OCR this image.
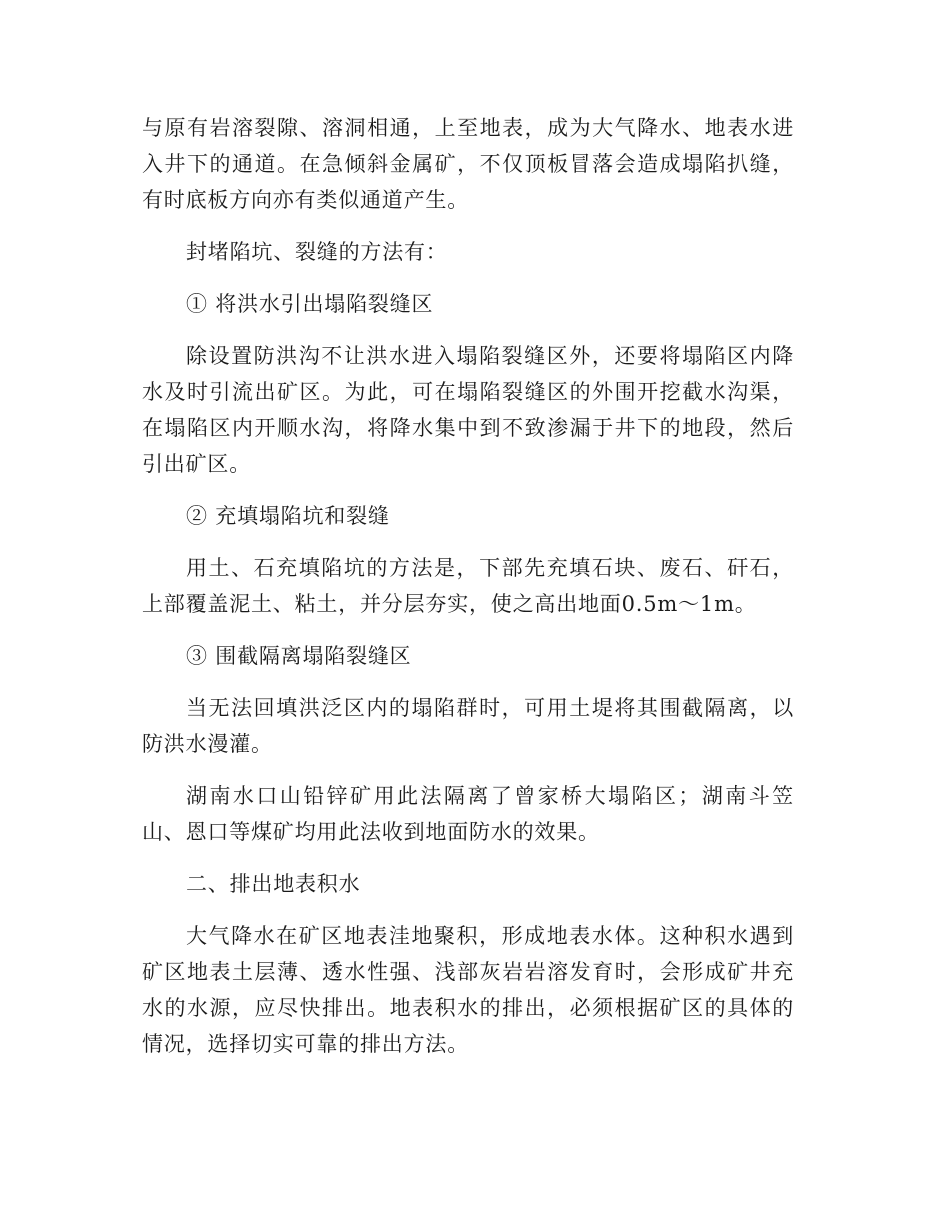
与原有岩溶裂隙、溶洞相通，上至地表，成为大气降水、地表水进入井下的通道。在急倾斜金属矿，不仅顶板冒落会造成塌陷扒缝，有时底板方向亦有类似通道产生。

封堵陷坑、裂缝的方法有：

① 将洪水引出塌陷裂缝区

除设置防洪沟不让洪水进入塌陷裂缝区外，还要将塌陷区内降水及时引流出矿区。为此，可在塌陷裂缝区的外围开挖截水沟渠，在塌陷区内开顺水沟，将降水集中到不致渗漏于井下的地段，然后引出矿区。

② 充填塌陷坑和裂缝

用土、石充填陷坑的方法是，下部先充填石块、废石、矸石，上部覆盖泥土、粘土，并分层夯实，使之高出地面0.5m～1m。

③ 围截隔离塌陷裂缝区

当无法回填洪泛区内的塌陷群时，可用土堤将其围截隔离，以防洪水漫灌。

湖南水口山铅锌矿用此法隔离了曾家桥大塌陷区；湖南斗笠山、恩口等煤矿均用此法收到地面防水的效果。

二、排出地表积水

大气降水在矿区地表洼地聚积，形成地表水体。这种积水遇到矿区地表土层薄、透水性强、浅部灰岩岩溶发育时，会形成矿井充水的水源，应尽快排出。地表积水的排出，必须根据矿区的具体的情况，选择切实可靠的排出方法。
